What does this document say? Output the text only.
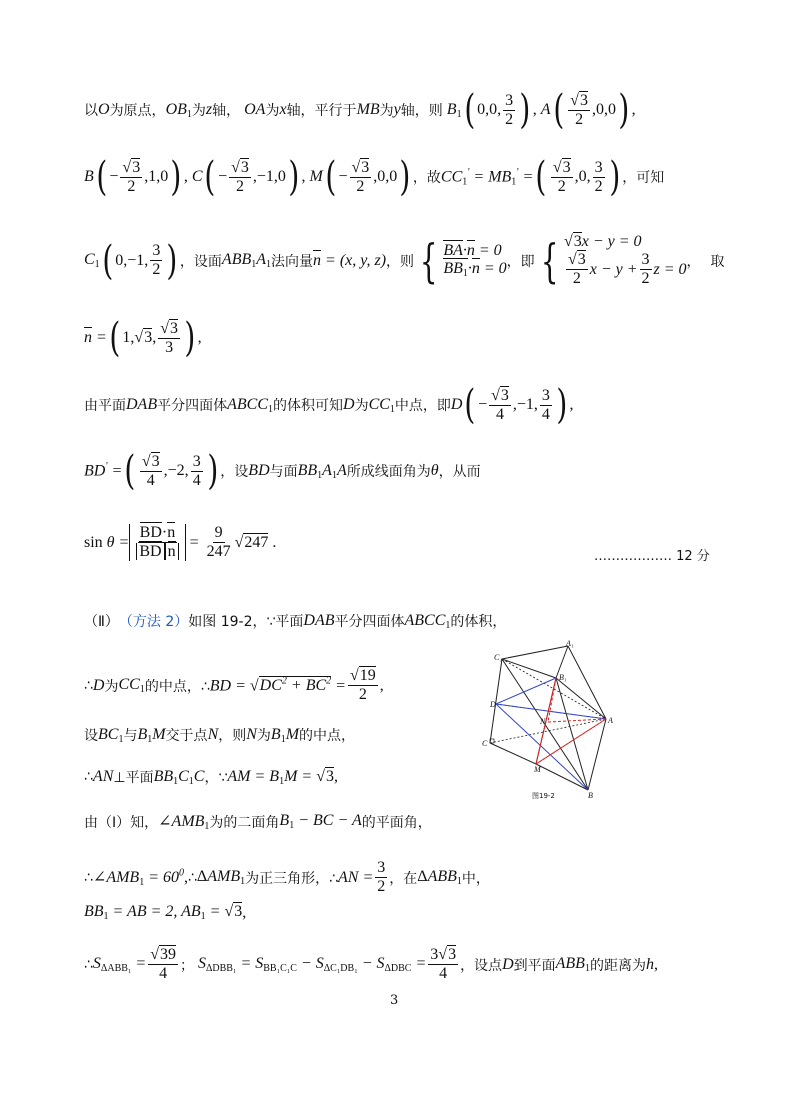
以 O 为原点， $OB_1$ 为 z 轴， OA 为 x 轴，平行于 MB 为 y 轴，则 $B_1$ ( 0,0, $\frac{3}{2}$ ) , A ( $\frac{√3}{2} ,0,0$ ) ,
B ( − $\frac{√3}{2} ,1,0$ ) , C ( − $\frac{√3}{2} ,-1,0$ ) , M ( − $\frac{√3}{2} ,0,0$ ) ，故 $CC_1' = MB_1'$ = ( $\frac{√3}{2} ,0$, $\frac{3}{2}$ ) ，可知
$C_1$ ( 0,−1, $\frac{3}{2}$ ) ，设面 $ABB_1A_1$ 法向量 n = (x, y, z) ，则 { BA·n = 0
$BB_1\cdot n = 0$ ，即 { √3x − y = 0
$\frac{√3}{2}$ $x - y + \frac{3}{2}$ z = 0 ， 取
n = ( 1,√3, $\frac{√3}{3}$ ) ,
由平面 DAB 平分四面体 $ABCC_1$ 的体积可知 D 为 $CC_1$ 中点，即 D ( − $\frac{√3}{4} ,-1$, $\frac{3}{4}$ ) ,
BD' = ( $\frac{√3}{4} ,-2$, $\frac{3}{4}$ ) ，设 BD 与面 $BB_1A_1A$ 所成线面角为 θ ，从而
$\sin \theta = \frac{BD\cdot n}{\text{BD n}} = \frac{9}{247} √247$ .
……………… 12 分
（Ⅱ） （方法 2） 如图 19-2，∵平面 DAB 平分四面体 $ABCC_1$ 的体积，
∴ D 为 $CC_1$ 的中点，∴ BD = $√DC^2 + BC^2 = \frac{√19}{2}$ ,
设 $BC_1$ 与 $B_1M$ 交于点 N ，则 N 为 $B_1M$ 的中点，
∴ AN ⊥平面 $BB_1C_1C$ ，∵ AM = $B_1M = √3$ ,
由（Ⅰ）知， $\angle AMB_1$ 为的二面角 $B_1$ − BC − A 的平面角，
∴ $\angle AMB_1 = 60^0$ , ∴ $\Delta AMB_1$ 为正三角形，∴ AN = $\frac{3}{2}$ ，在 $\Delta ABB_1$ 中，
$BB_1$ = AB = 2, $AB_1 = √3$ ,
∴ $S_{\Delta ABB_1} = \frac{√39}{4}$ ； $S_{\Delta DBB_1} = S_{BB_1C_1C} - S_{\Delta C_1DB_1} - S_{\Delta DBC} = \frac{3√3}{4}$ ，设点 D 到平面 $ABB_1$ 的距离为 h ,
C₁
A₁
B₁
D
N	A
C
M
B
图19-2
3
